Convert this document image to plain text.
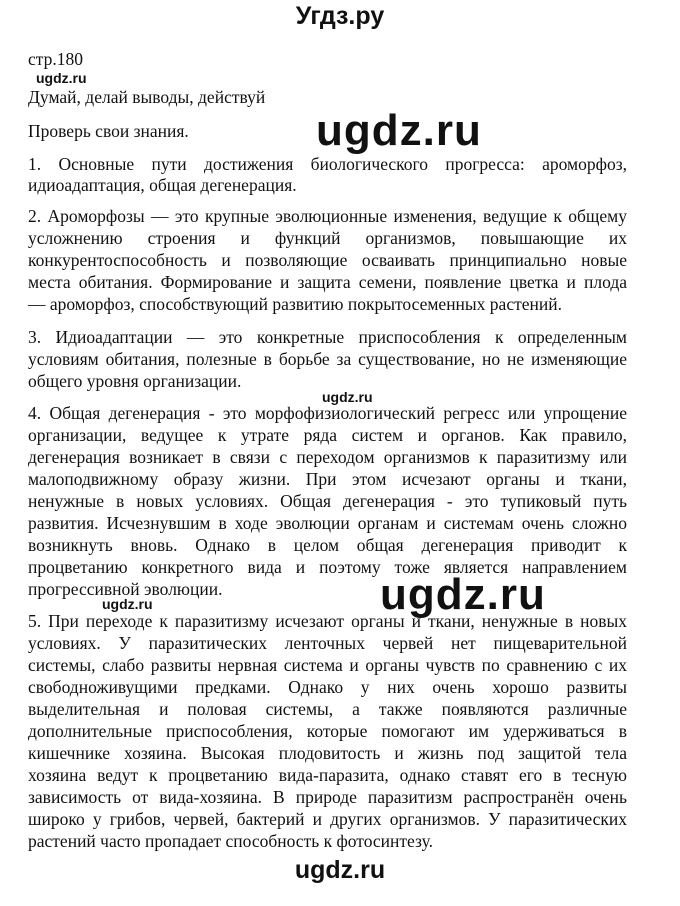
Угдз.ру
стр.180
ugdz.ru
Думай, делай выводы, действуй
Проверь свои знания.	ugdz.ru
1. Основные пути достижения биологического прогресса: ароморфоз,
идиоадаптация, общая дегенерация.
2. Ароморфозы — это крупные эволюционные изменения, ведущие к общему
усложнению строения и функций организмов, повышающие их
конкурентоспособность и позволяющие осваивать принципиально новые
места обитания. Формирование и защита семени, появление цветка и плода
— ароморфоз, способствующий развитию покрытосеменных растений.
3. Идиоадаптации — это конкретные приспособления к определенным
условиям обитания, полезные в борьбе за существование, но не изменяющие
общего уровня организации.
ugdz.ru
4. Общая дегенерация - это морфофизиологический регресс или упрощение
организации, ведущее к утрате ряда систем и органов. Как правило,
дегенерация возникает в связи с переходом организмов к паразитизму или
малоподвижному образу жизни. При этом исчезают органы и ткани,
ненужные в новых условиях. Общая дегенерация - это тупиковый путь
развития. Исчезнувшим в ходе эволюции органам и системам очень сложно
возникнуть вновь. Однако в целом общая дегенерация приводит к
процветанию конкретного вида и поэтому тоже является направлением
прогрессивной эволюции.	ugdz.ru
ugdz.ru
5. При переходе к паразитизму исчезают органы и ткани, ненужные в новых
условиях. У паразитических ленточных червей нет пищеварительной
системы, слабо развиты нервная система и органы чувств по сравнению с их
свободноживущими предками. Однако у них очень хорошо развиты
выделительная и половая системы, а также появляются различные
дополнительные приспособления, которые помогают им удерживаться в
кишечнике хозяина. Высокая плодовитость и жизнь под защитой тела
хозяина ведут к процветанию вида-паразита, однако ставят его в тесную
зависимость от вида-хозяина. В природе паразитизм распространён очень
широко у грибов, червей, бактерий и других организмов. У паразитических
растений часто пропадает способность к фотосинтезу.
ugdz.ru
